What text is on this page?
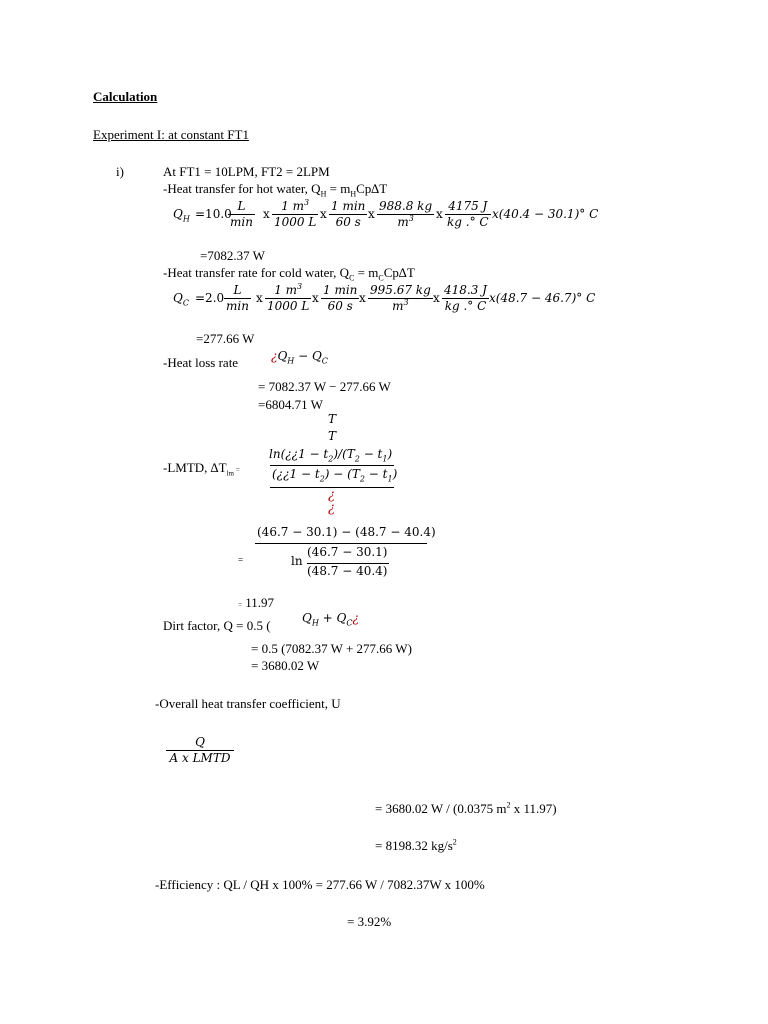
Calculation
Experiment I: at constant FT1
i)	At FT1 = 10LPM, FT2 = 2LPM
-Heat transfer for hot water, $Q_H = m_HCp\Delta T$
$Q_H =10.0$
L
min
x
1 $m^3$
1000 L
x
1 min
60 s
x
988.8 kg
$m^3$ x
4175 J
kg .° C
x(40.4 − 30.1)° C
=7082.37 W
-Heat transfer rate for cold water, $Q_C = m_CCp\Delta T$
$Q_C =2.0$
L
min
x
1 $m^3$
1000 L
x
1 min
60 s
x
995.67 kg
$m^3$ x
418.3 J
kg .° C
x(48.7 − 46.7)° C
=277.66 W
-Heat loss rate	¿$Q_H - Q_C$
= 7082.37 W − 277.66 W
=6804.71 W
T
T
ln(¿¿1 − $t_2)/(T_2 - t_1)$
-LMTD, $\Delta T_{lm}$ =	(¿¿1 − $t_2) - (T_2 - t_1)$
¿
¿
(46.7 − 30.1) − (48.7 − 40.4)
=	ln
(46.7 − 30.1)
(48.7 − 40.4)
= 11.97
Dirt factor, Q = 0.5 (	$Q_H$ + $Q_C¿$
= 0.5 (7082.37 W + 277.66 W)
= 3680.02 W
-Overall heat transfer coefficient, U
Q
A x LMTD
= 3680.02 W / (0.0375 $m^2$ x 11.97)
= 8198.32 $kg/s^2$
-Efficiency : QL / QH x 100% = 277.66 W / 7082.37W x 100%
= 3.92%
